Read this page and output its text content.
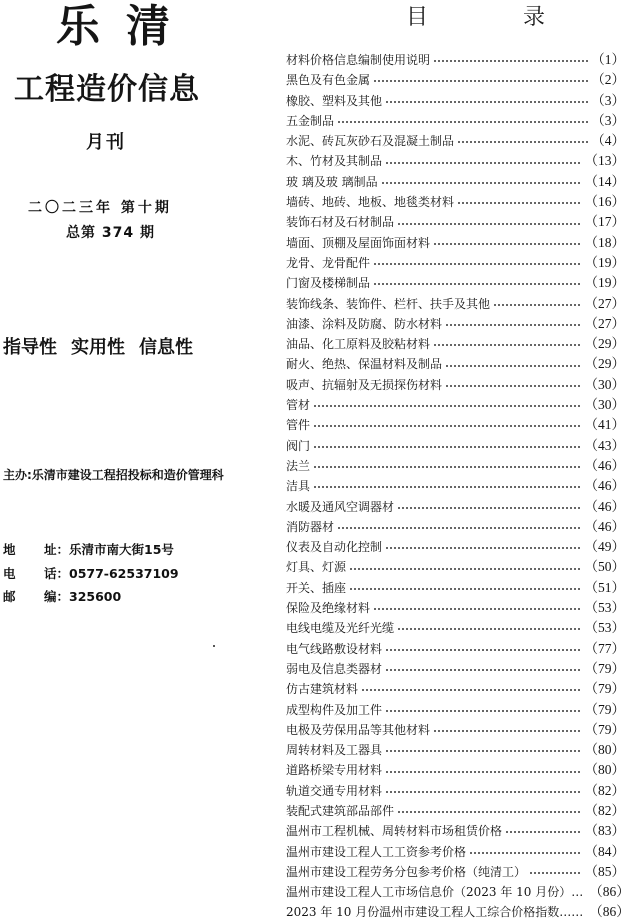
乐清
工程造价信息
月刊
二〇二三年 第十期
总第 374 期
指导性 实用性 信息性
主办:乐清市建设工程招投标和造价管理科
地 址： 乐清市南大街15号
电 话： 0577-62537109
邮 编： 325600
目 录
材料价格信息编制使用说明	（1）
黑色及有色金属	（2）
橡胶、塑料及其他	（3）
五金制品	（3）
水泥、砖瓦灰砂石及混凝土制品	（4）
木、竹材及其制品	（13）
玻 璃及玻 璃制品	（14）
墙砖、地砖、地板、地毯类材料	（16）
装饰石材及石材制品	（17）
墙面、顶棚及屋面饰面材料	（18）
龙骨、龙骨配件	（19）
门窗及楼梯制品	（19）
装饰线条、装饰件、栏杆、扶手及其他	（27）
油漆、涂料及防腐、防水材料	（27）
油品、化工原料及胶粘材料	（29）
耐火、绝热、保温材料及制品	（29）
吸声、抗辐射及无损探伤材料	（30）
管材	（30）
管件	（41）
阀门	（43）
法兰	（46）
洁具	（46）
水暖及通风空调器材	（46）
消防器材	（46）
仪表及自动化控制	（49）
灯具、灯源	（50）
开关、插座	（51）
保险及绝缘材料	（53）
电线电缆及光纤光缆	（53）
电气线路敷设材料	（77）
弱电及信息类器材	（79）
仿古建筑材料	（79）
成型构件及加工件	（79）
电极及劳保用品等其他材料	（79）
周转材料及工器具	（80）
道路桥梁专用材料	（80）
轨道交通专用材料	（82）
装配式建筑部品部件	（82）
温州市工程机械、周转材料市场租赁价格	（83）
温州市建设工程人工工资参考价格	（84）
温州市建设工程劳务分包参考价格（纯清工）	（85）
温州市建设工程人工市场信息价（2023 年 10 月份）… （86）
2023 年 10 月份温州市建设工程人工综合价格指数…… （86）
